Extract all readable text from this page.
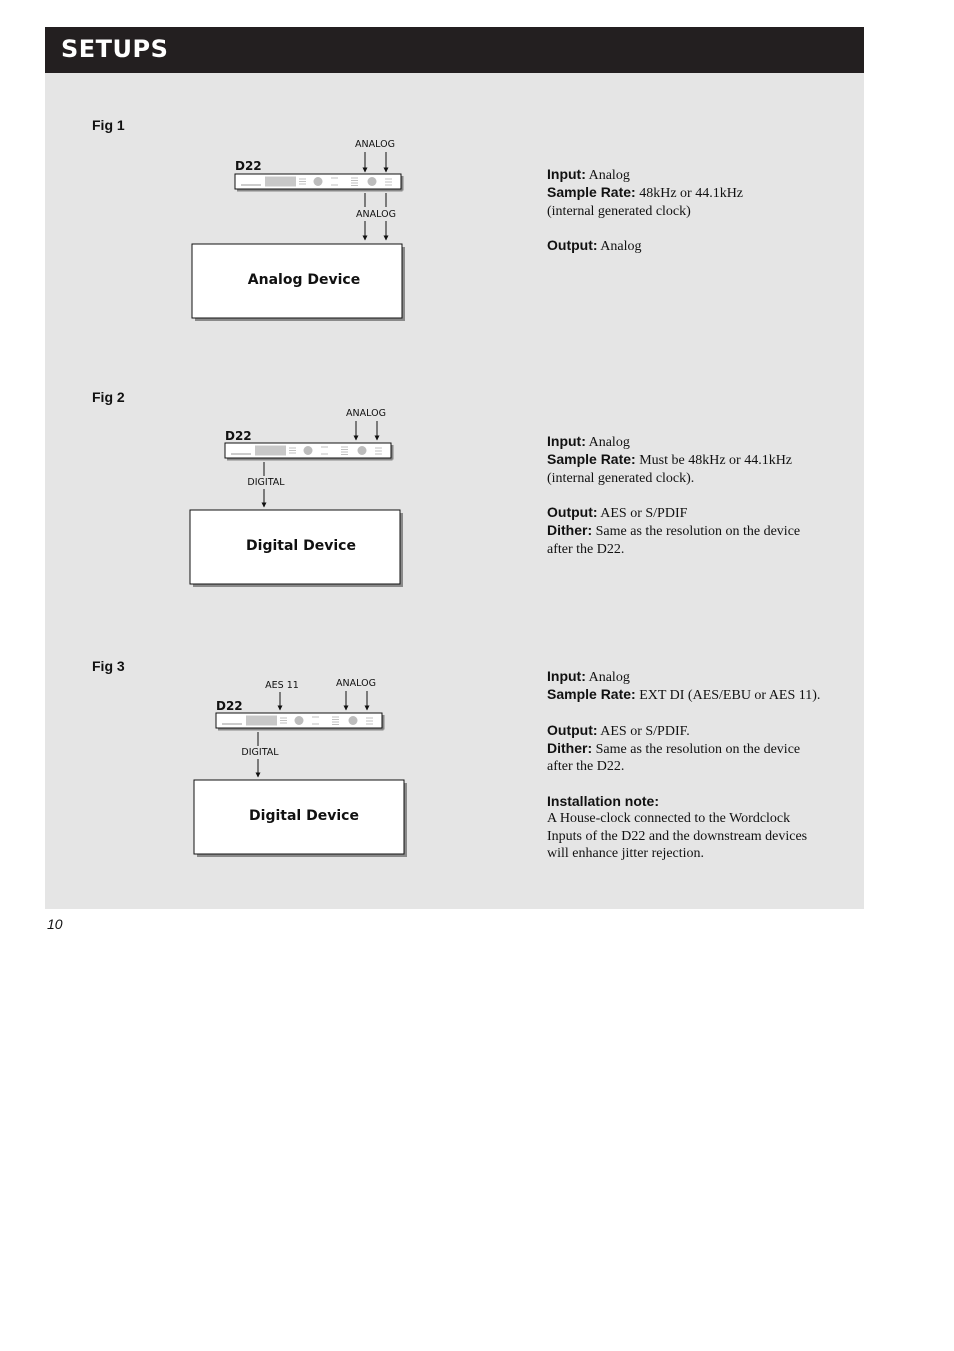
SETUPS
Fig 1
Fig 2
Fig 3
ANALOG
D22
ANALOG
Analog Device
ANALOG
D22
DIGITAL
Digital Device
AES 11	ANALOG
D22
DIGITAL
Digital Device
Input: Analog
Sample Rate: 48kHz or 44.1kHz
(internal generated clock)
Output: Analog
Input: Analog
Sample Rate: Must be 48kHz or 44.1kHz
(internal generated clock).
Output: AES or S/PDIF
Dither: Same as the resolution on the device
after the D22.
Input: Analog
Sample Rate: EXT DI (AES/EBU or AES 11).
Output: AES or S/PDIF.
Dither: Same as the resolution on the device
after the D22.
Installation note:
A House-clock connected to the Wordclock
Inputs of the D22 and the downstream devices
will enhance jitter rejection.
10
